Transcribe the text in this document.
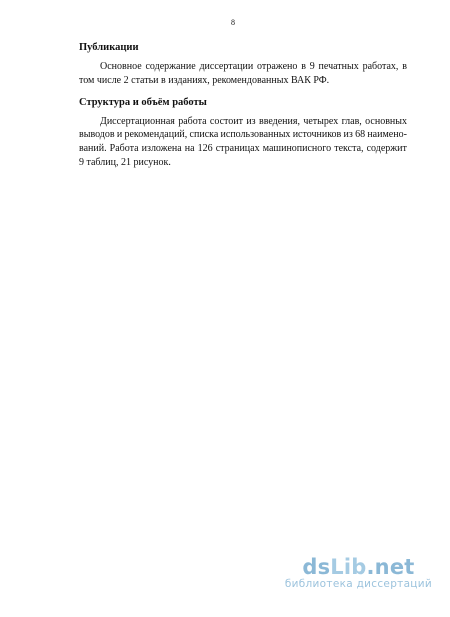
8
Публикации
Основное содержание диссертации отражено в 9 печатных работах, в
том числе 2 статьи в изданиях, рекомендованных ВАК РФ.
Структура и объём работы
Диссертационная работа состоит из введения, четырех глав, основных
выводов и рекомендаций, списка использованных источников из 68 наимено-
ваний. Работа изложена на 126 страницах машинописного текста, содержит
9 таблиц, 21 рисунок.
dsLib.net
библиотека диссертаций
